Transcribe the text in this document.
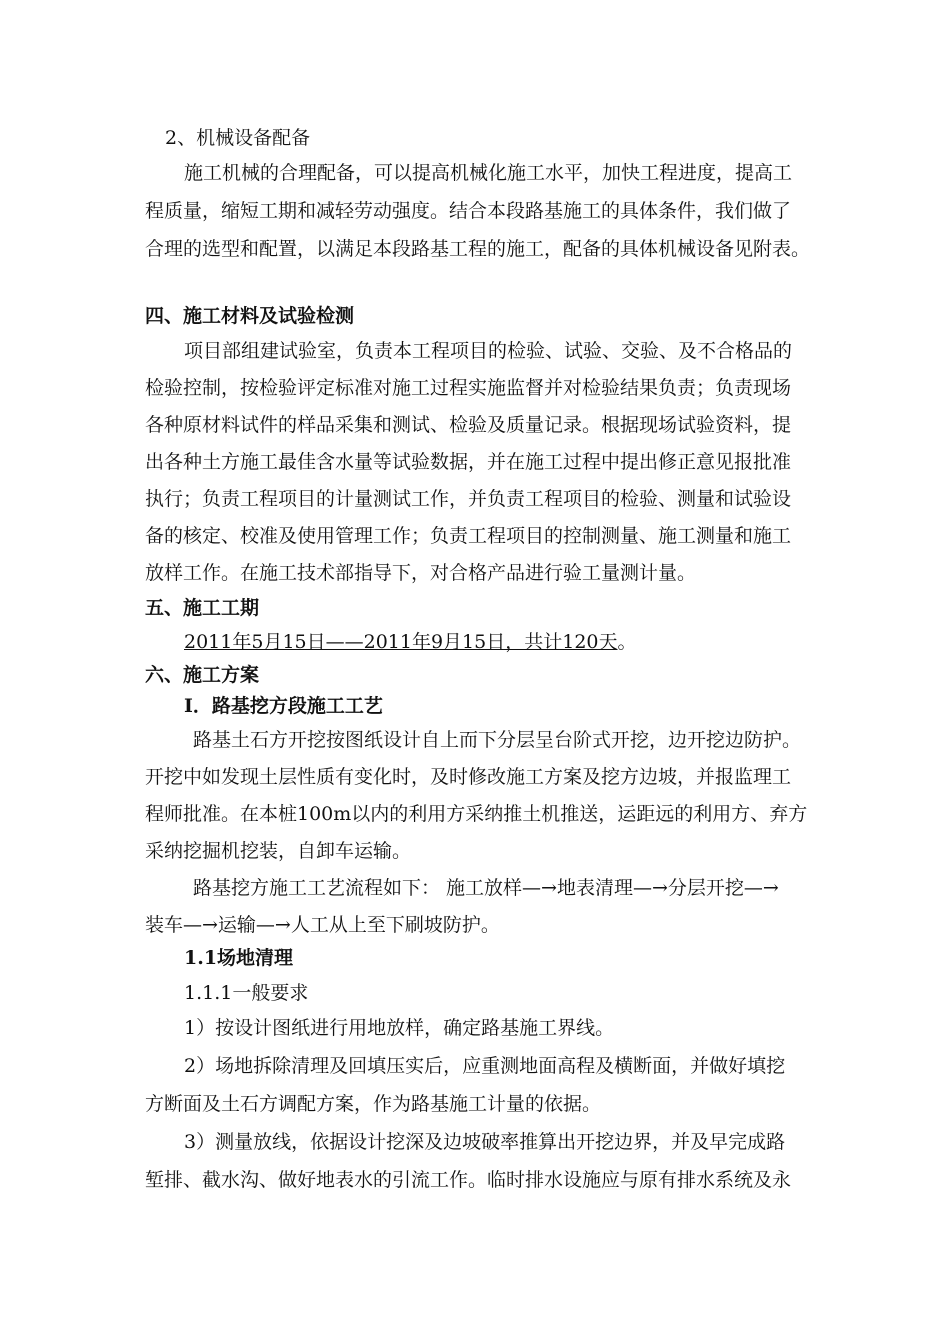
2、机械设备配备
施工机械的合理配备，可以提高机械化施工水平，加快工程进度，提高工
程质量，缩短工期和减轻劳动强度。结合本段路基施工的具体条件，我们做了
合理的选型和配置，以满足本段路基工程的施工，配备的具体机械设备见附表。
四、施工材料及试验检测
项目部组建试验室，负责本工程项目的检验、试验、交验、及不合格品的
检验控制，按检验评定标准对施工过程实施监督并对检验结果负责；负责现场
各种原材料试件的样品采集和测试、检验及质量记录。根据现场试验资料，提
出各种土方施工最佳含水量等试验数据，并在施工过程中提出修正意见报批准
执行；负责工程项目的计量测试工作，并负责工程项目的检验、测量和试验设
备的核定、校准及使用管理工作；负责工程项目的控制测量、施工测量和施工
放样工作。在施工技术部指导下，对合格产品进行验工量测计量。
五、施工工期
2011年5月15日——2011年9月15日，共计120天。
六、施工方案
Ⅰ．路基挖方段施工工艺
路基土石方开挖按图纸设计自上而下分层呈台阶式开挖，边开挖边防护。
开挖中如发现土层性质有变化时，及时修改施工方案及挖方边坡，并报监理工
程师批准。在本桩100m以内的利用方采纳推土机推送，运距远的利用方、弃方
采纳挖掘机挖装，自卸车运输。
路基挖方施工工艺流程如下： 施工放样—→地表清理—→分层开挖—→
装车—→运输—→人工从上至下刷坡防护。
1.1场地清理
1.1.1一般要求
1）按设计图纸进行用地放样，确定路基施工界线。
2）场地拆除清理及回填压实后，应重测地面高程及横断面，并做好填挖
方断面及土石方调配方案，作为路基施工计量的依据。
3）测量放线，依据设计挖深及边坡破率推算出开挖边界，并及早完成路
堑排、截水沟、做好地表水的引流工作。临时排水设施应与原有排水系统及永
